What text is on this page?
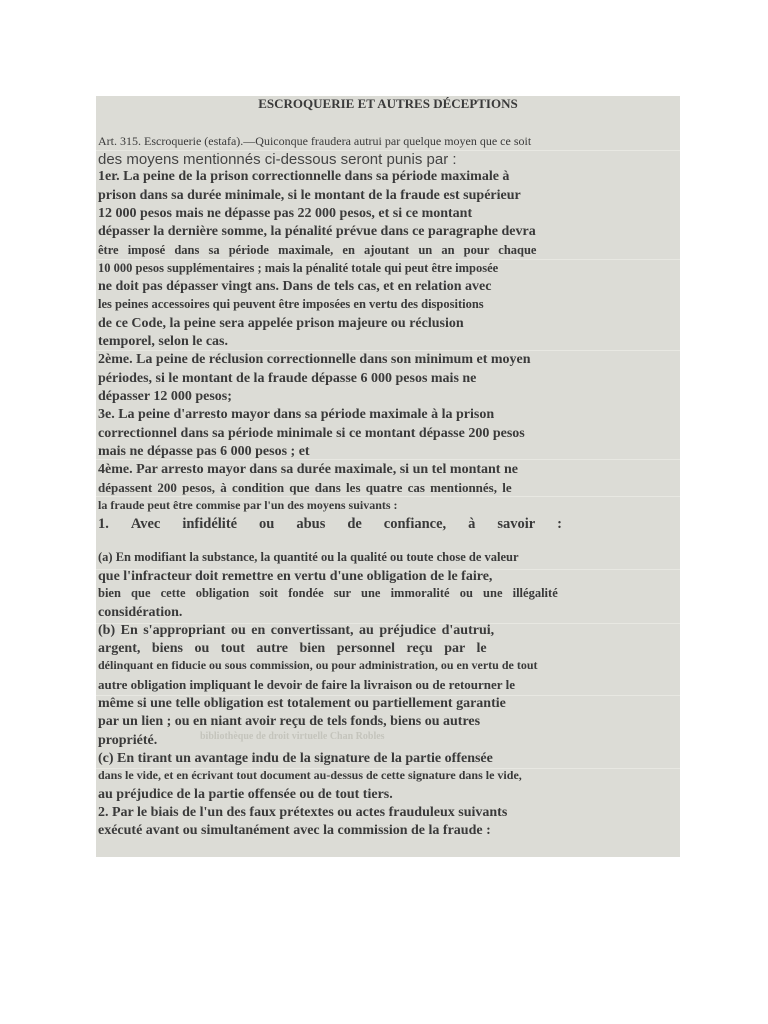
ESCROQUERIE ET AUTRES DÉCEPTIONS
Art. 315. Escroquerie (estafa).—Quiconque fraudera autrui par quelque moyen que ce soit
des moyens mentionnés ci-dessous seront punis par :
1er. La peine de la prison correctionnelle dans sa période maximale à
prison dans sa durée minimale, si le montant de la fraude est supérieur
12 000 pesos mais ne dépasse pas 22 000 pesos, et si ce montant
dépasser la dernière somme, la pénalité prévue dans ce paragraphe devra
être imposé dans sa période maximale, en ajoutant un an pour chaque
10 000 pesos supplémentaires ; mais la pénalité totale qui peut être imposée
ne doit pas dépasser vingt ans. Dans de tels cas, et en relation avec
les peines accessoires qui peuvent être imposées en vertu des dispositions
de ce Code, la peine sera appelée prison majeure ou réclusion
temporel, selon le cas.
2ème. La peine de réclusion correctionnelle dans son minimum et moyen
périodes, si le montant de la fraude dépasse 6 000 pesos mais ne
dépasser 12 000 pesos;
3e. La peine d'arresto mayor dans sa période maximale à la prison
correctionnel dans sa période minimale si ce montant dépasse 200 pesos
mais ne dépasse pas 6 000 pesos ; et
4ème. Par arresto mayor dans sa durée maximale, si un tel montant ne
dépassent 200 pesos, à condition que dans les quatre cas mentionnés, le
la fraude peut être commise par l'un des moyens suivants :
1. Avec infidélité ou abus de confiance, à savoir :
(a) En modifiant la substance, la quantité ou la qualité ou toute chose de valeur
que l'infracteur doit remettre en vertu d'une obligation de le faire,
bien que cette obligation soit fondée sur une immoralité ou une illégalité
considération.
(b) En s'appropriant ou en convertissant, au préjudice d'autrui,
argent, biens ou tout autre bien personnel reçu par le
délinquant en fiducie ou sous commission, ou pour administration, ou en vertu de tout
autre obligation impliquant le devoir de faire la livraison ou de retourner le
même si une telle obligation est totalement ou partiellement garantie
par un lien ; ou en niant avoir reçu de tels fonds, biens ou autres
propriété.	bibliothèque de droit virtuelle Chan Robles
(c) En tirant un avantage indu de la signature de la partie offensée
dans le vide, et en écrivant tout document au-dessus de cette signature dans le vide,
au préjudice de la partie offensée ou de tout tiers.
2. Par le biais de l'un des faux prétextes ou actes frauduleux suivants
exécuté avant ou simultanément avec la commission de la fraude :
